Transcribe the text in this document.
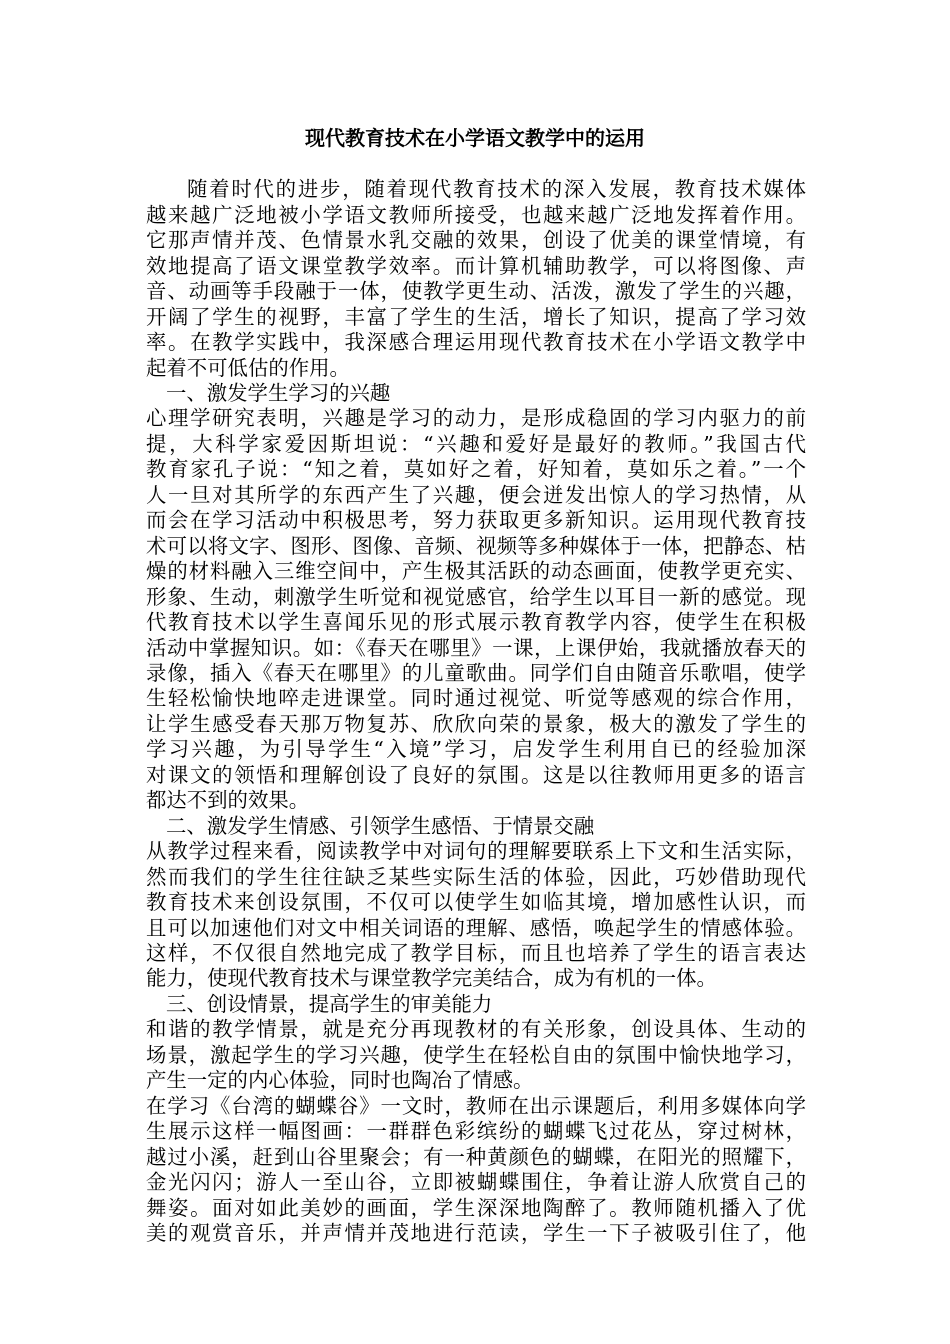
现代教育技术在小学语文教学中的运用
随着时代的进步，随着现代教育技术的深入发展，教育技术媒体
越来越广泛地被小学语文教师所接受，也越来越广泛地发挥着作用。
它那声情并茂、色情景水乳交融的效果，创设了优美的课堂情境，有
效地提高了语文课堂教学效率。而计算机辅助教学，可以将图像、声
音、动画等手段融于一体，使教学更生动、活泼，激发了学生的兴趣，
开阔了学生的视野，丰富了学生的生活，增长了知识，提高了学习效
率。在教学实践中，我深感合理运用现代教育技术在小学语文教学中
起着不可低估的作用。
一、激发学生学习的兴趣
心理学研究表明，兴趣是学习的动力，是形成稳固的学习内驱力的前
提，大科学家爱因斯坦说：“兴趣和爱好是最好的教师。”我国古代
教育家孔子说：“知之着，莫如好之着，好知着，莫如乐之着。”一个
人一旦对其所学的东西产生了兴趣，便会迸发出惊人的学习热情，从
而会在学习活动中积极思考，努力获取更多新知识。运用现代教育技
术可以将文字、图形、图像、音频、视频等多种媒体于一体，把静态、枯
燥的材料融入三维空间中，产生极其活跃的动态画面，使教学更充实、
形象、生动，刺激学生听觉和视觉感官，给学生以耳目一新的感觉。现
代教育技术以学生喜闻乐见的形式展示教育教学内容，使学生在积极
活动中掌握知识。如：《春天在哪里》一课，上课伊始，我就播放春天的
录像，插入《春天在哪里》的儿童歌曲。同学们自由随音乐歌唱，使学
生轻松愉快地啐走进课堂。同时通过视觉、听觉等感观的综合作用，
让学生感受春天那万物复苏、欣欣向荣的景象，极大的激发了学生的
学习兴趣，为引导学生“入境”学习，启发学生利用自已的经验加深
对课文的领悟和理解创设了良好的氛围。这是以往教师用更多的语言
都达不到的效果。
二、激发学生情感、引领学生感悟、于情景交融
从教学过程来看，阅读教学中对词句的理解要联系上下文和生活实际，
然而我们的学生往往缺乏某些实际生活的体验，因此，巧妙借助现代
教育技术来创设氛围，不仅可以使学生如临其境，增加感性认识，而
且可以加速他们对文中相关词语的理解、感悟，唤起学生的情感体验。
这样，不仅很自然地完成了教学目标，而且也培养了学生的语言表达
能力，使现代教育技术与课堂教学完美结合，成为有机的一体。
三、创设情景，提高学生的审美能力
和谐的教学情景，就是充分再现教材的有关形象，创设具体、生动的
场景，激起学生的学习兴趣，使学生在轻松自由的氛围中愉快地学习，
产生一定的内心体验，同时也陶冶了情感。
在学习《台湾的蝴蝶谷》一文时，教师在出示课题后，利用多媒体向学
生展示这样一幅图画：一群群色彩缤纷的蝴蝶飞过花丛，穿过树林，
越过小溪，赶到山谷里聚会；有一种黄颜色的蝴蝶，在阳光的照耀下，
金光闪闪；游人一至山谷，立即被蝴蝶围住，争着让游人欣赏自己的
舞姿。面对如此美妙的画面，学生深深地陶醉了。教师随机播入了优
美的观赏音乐，并声情并茂地进行范读，学生一下子被吸引住了，他
